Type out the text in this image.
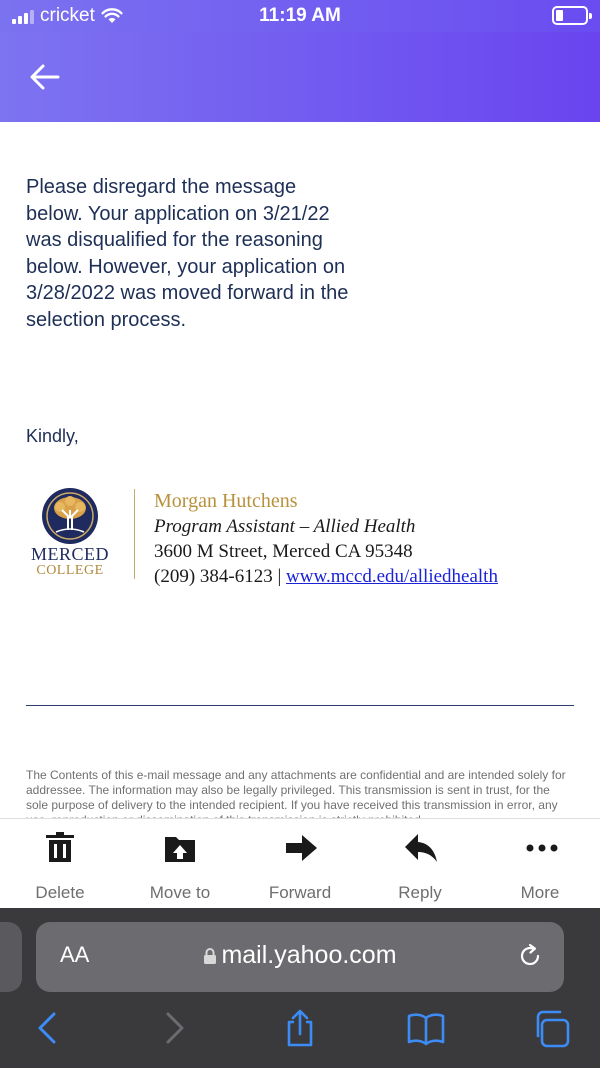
cricket	11:19 AM
Please disregard the message below. Your application on 3/21/22 was disqualified for the reasoning below. However, your application on 3/28/2022 was moved forward in the selection process.
Kindly,
MERCED
COLLEGE
Morgan Hutchens
Program Assistant – Allied Health
3600 M Street, Merced CA 95348
(209) 384-6123 | www.mccd.edu/alliedhealth
The Contents of this e-mail message and any attachments are confidential and are intended solely for addressee. The information may also be legally privileged. This transmission is sent in trust, for the sole purpose of delivery to the intended recipient. If you have received this transmission in error, any
Delete	Move to	Forward	Reply	More
AA	mail.yahoo.com
